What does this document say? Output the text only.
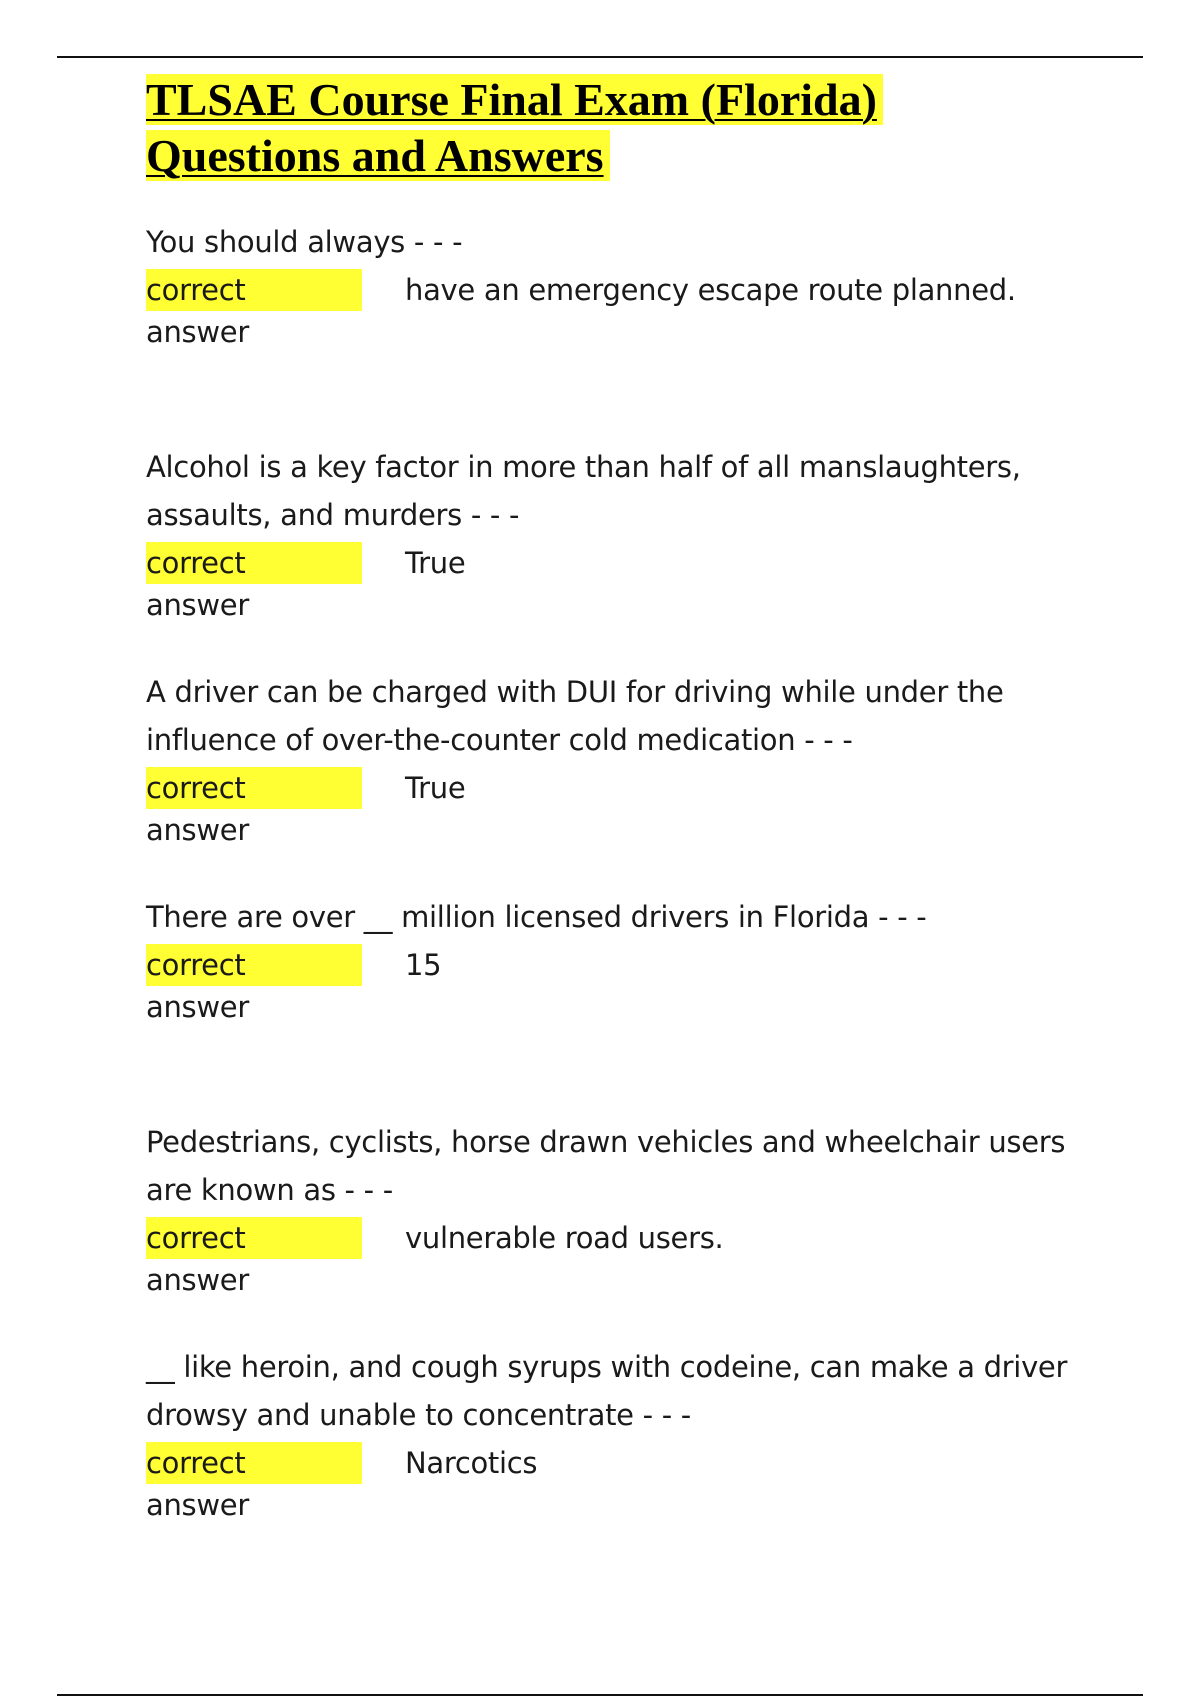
TLSAE Course Final Exam (Florida)
Questions and Answers

You should always - - -

correct answer
have an emergency escape route planned.

Alcohol is a key factor in more than half of all manslaughters, assaults, and murders - - -

correct answer
True

A driver can be charged with DUI for driving while under the influence of over-the-counter cold medication - - -

correct answer
True

There are over __ million licensed drivers in Florida - - -

correct answer
15

Pedestrians, cyclists, horse drawn vehicles and wheelchair users are known as - - -

correct answer
vulnerable road users.

__ like heroin, and cough syrups with codeine, can make a driver drowsy and unable to concentrate - - -

correct answer
Narcotics
